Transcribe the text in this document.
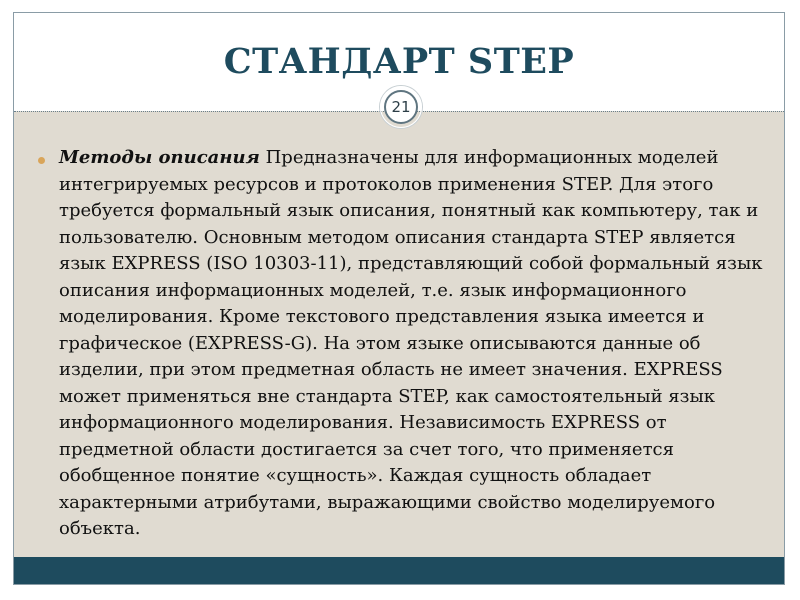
СТАНДАРТ STEP
21
Методы описания Предназначены для информационных моделей интегрируемых ресурсов и протоколов применения STEP. Для этого требуется формальный язык описания, понятный как компьютеру, так и пользователю. Основным методом описания стандарта STEP является язык EXPRESS (ISO 10303-11), представляющий собой формальный язык описания информационных моделей, т.е. язык информационного моделирования. Кроме текстового представления языка имеется и графическое (EXPRESS-G). На этом языке описываются данные об изделии, при этом предметная область не имеет значения. EXPRESS может применяться вне стандарта STEP, как самостоятельный язык информационного моделирования. Независимость EXPRESS от предметной области достигается за счет того, что применяется обобщенное понятие «сущность». Каждая сущность обладает характерными атрибутами, выражающими свойство моделируемого объекта.
